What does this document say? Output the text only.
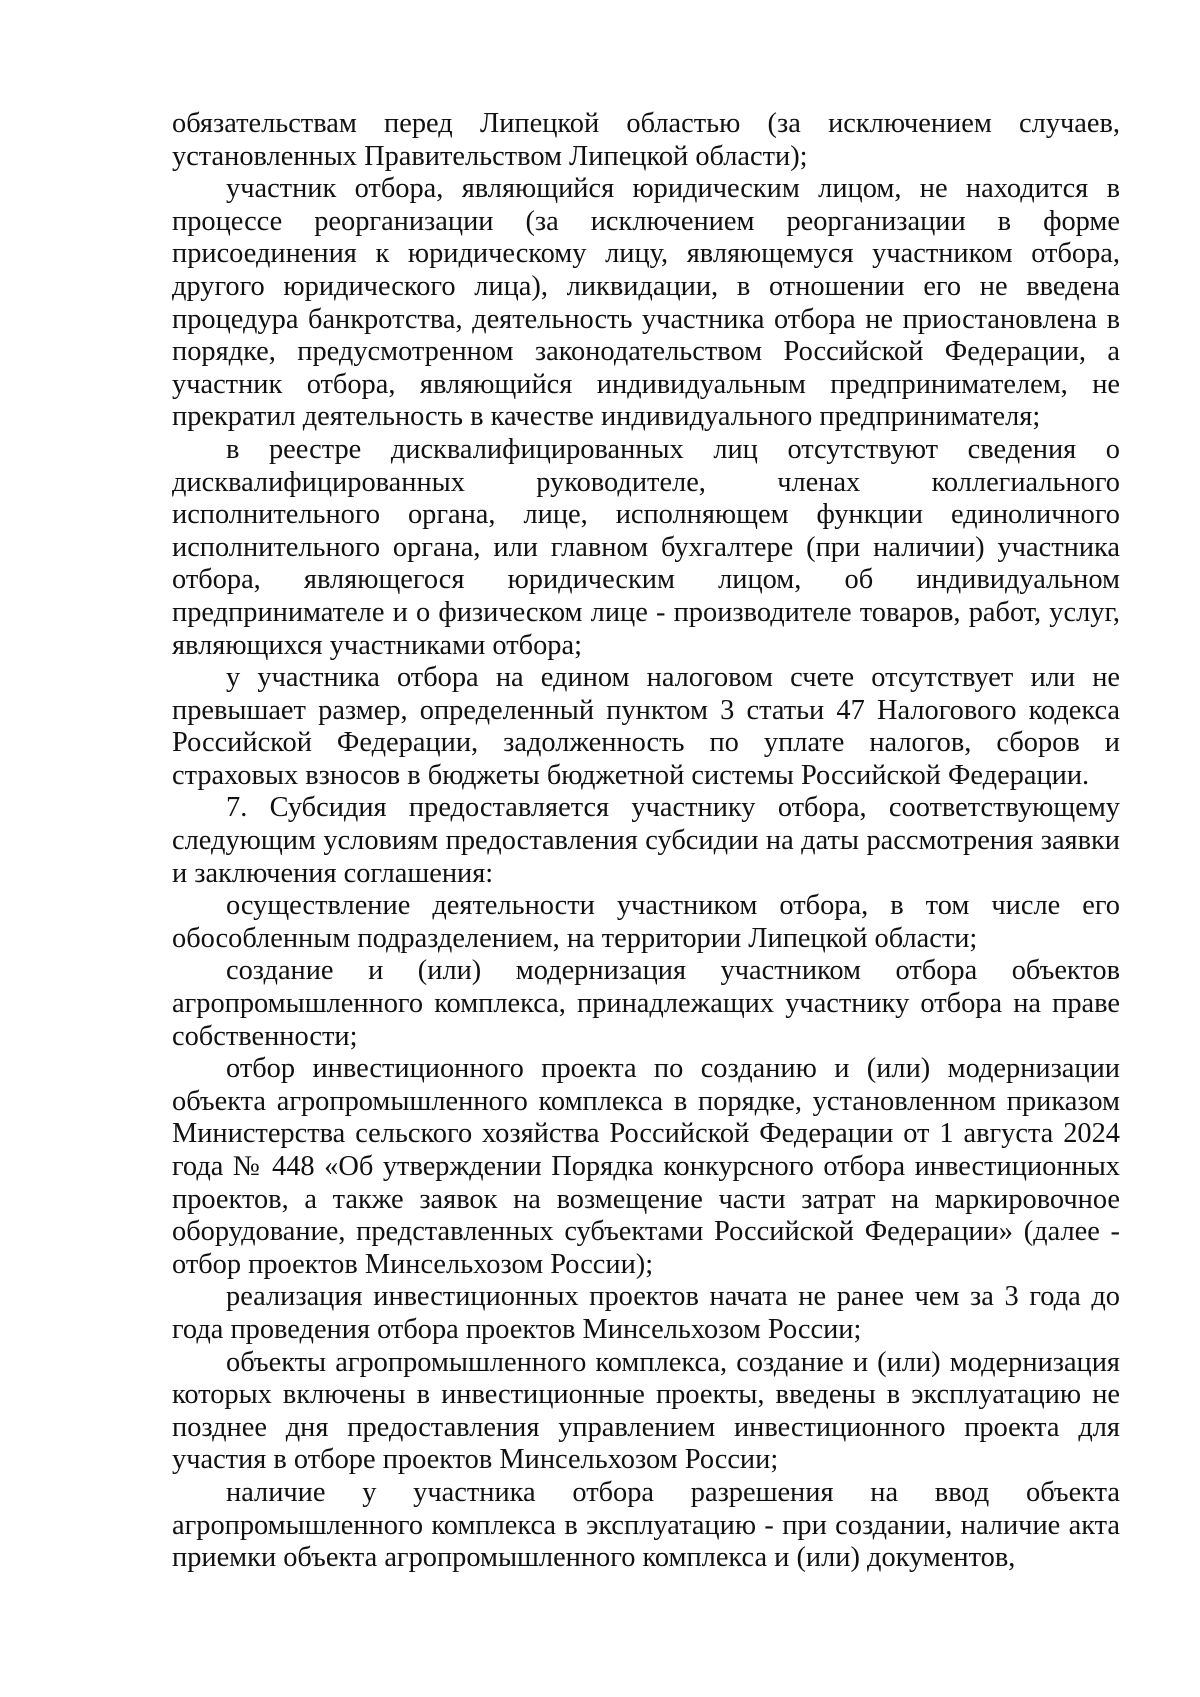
обязательствам перед Липецкой областью (за исключением случаев, установленных Правительством Липецкой области);

участник отбора, являющийся юридическим лицом, не находится в процессе реорганизации (за исключением реорганизации в форме присоединения к юридическому лицу, являющемуся участником отбора, другого юридического лица), ликвидации, в отношении его не введена процедура банкротства, деятельность участника отбора не приостановлена в порядке, предусмотренном законодательством Российской Федерации, а участник отбора, являющийся индивидуальным предпринимателем, не прекратил деятельность в качестве индивидуального предпринимателя;

в реестре дисквалифицированных лиц отсутствуют сведения о дисквалифицированных руководителе, членах коллегиального исполнительного органа, лице, исполняющем функции единоличного исполнительного органа, или главном бухгалтере (при наличии) участника отбора, являющегося юридическим лицом, об индивидуальном предпринимателе и о физическом лице - производителе товаров, работ, услуг, являющихся участниками отбора;

у участника отбора на едином налоговом счете отсутствует или не превышает размер, определенный пунктом 3 статьи 47 Налогового кодекса Российской Федерации, задолженность по уплате налогов, сборов и страховых взносов в бюджеты бюджетной системы Российской Федерации.

7. Субсидия предоставляется участнику отбора, соответствующему следующим условиям предоставления субсидии на даты рассмотрения заявки и заключения соглашения:

осуществление деятельности участником отбора, в том числе его обособленным подразделением, на территории Липецкой области;

создание и (или) модернизация участником отбора объектов агропромышленного комплекса, принадлежащих участнику отбора на праве собственности;

отбор инвестиционного проекта по созданию и (или) модернизации объекта агропромышленного комплекса в порядке, установленном приказом Министерства сельского хозяйства Российской Федерации от 1 августа 2024 года № 448 «Об утверждении Порядка конкурсного отбора инвестиционных проектов, а также заявок на возмещение части затрат на маркировочное оборудование, представленных субъектами Российской Федерации» (далее - отбор проектов Минсельхозом России);

реализация инвестиционных проектов начата не ранее чем за 3 года до года проведения отбора проектов Минсельхозом России;

объекты агропромышленного комплекса, создание и (или) модернизация которых включены в инвестиционные проекты, введены в эксплуатацию не позднее дня предоставления управлением инвестиционного проекта для участия в отборе проектов Минсельхозом России;

наличие у участника отбора разрешения на ввод объекта агропромышленного комплекса в эксплуатацию - при создании, наличие акта приемки объекта агропромышленного комплекса и (или) документов,
